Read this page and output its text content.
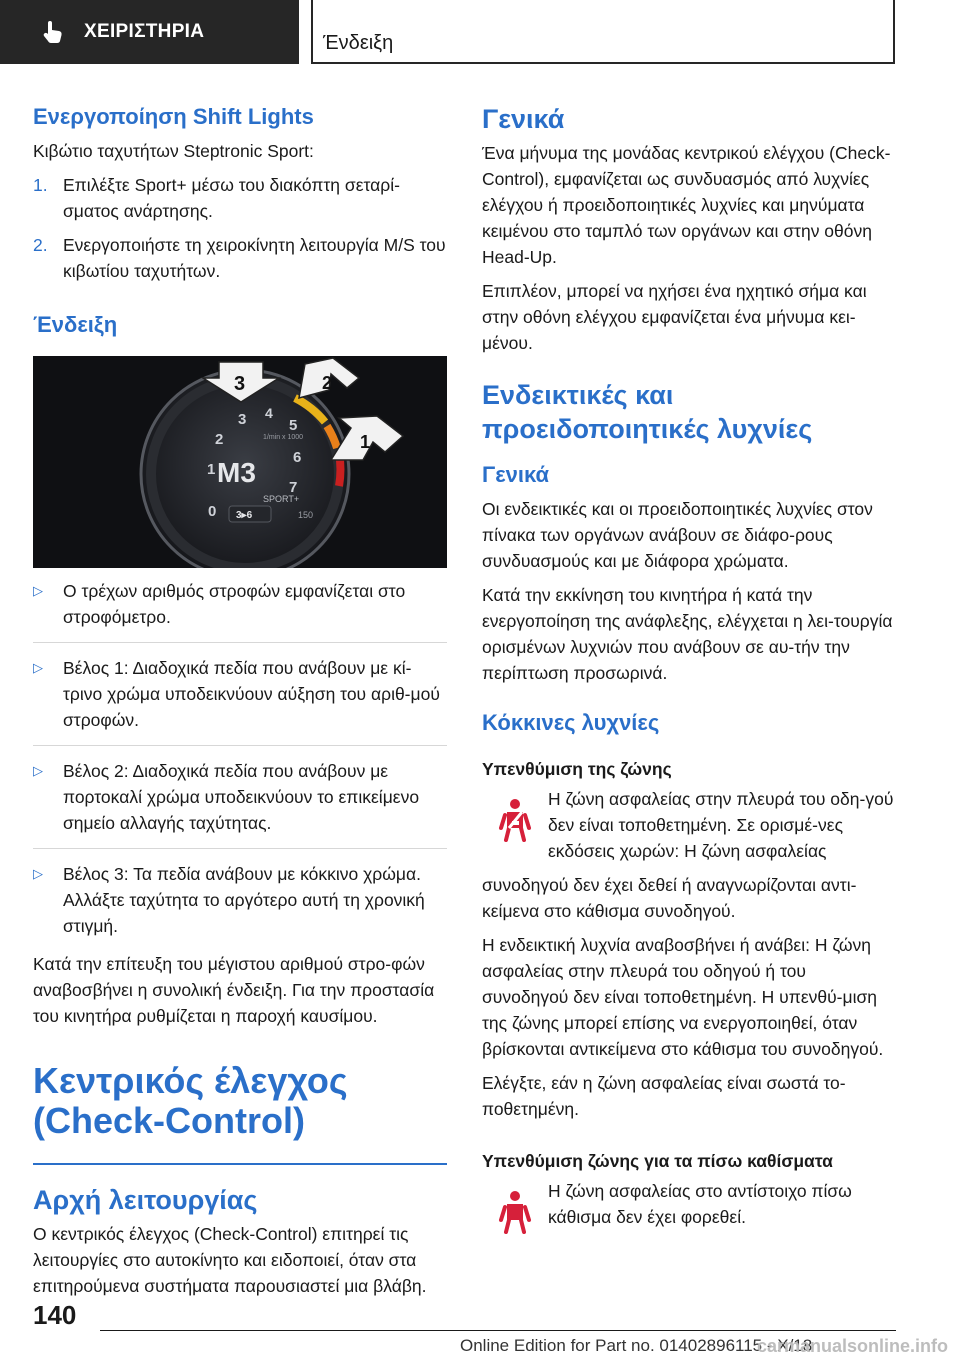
ΧΕΙΡΙΣΤΗΡΙΑ
Ένδειξη
Ενεργοποίηση Shift Lights

Κιβώτιο ταχυτήτων Steptronic Sport:

1. Επιλέξτε Sport+ μέσω του διακόπτη σεταρί-σματος ανάρτησης.
2. Ενεργοποιήστε τη χειροκίνητη λειτουργία M/S του κιβωτίου ταχυτήτων.
Ένδειξη
0
1
2
3 4
5
6
7
1/min x 1000
M3
SPORT+
3▸6	150
3	2
1
▷	Ο τρέχων αριθμός στροφών εμφανίζεται στο στροφόμετρο.
▷	Βέλος 1: Διαδοχικά πεδία που ανάβουν με κί-τρινο χρώμα υποδεικνύουν αύξηση του αριθ-μού στροφών.
▷	Βέλος 2: Διαδοχικά πεδία που ανάβουν με πορτοκαλί χρώμα υποδεικνύουν το επικείμενο σημείο αλλαγής ταχύτητας.
▷	Βέλος 3: Τα πεδία ανάβουν με κόκκινο χρώμα. Αλλάξτε ταχύτητα το αργότερο αυτή τη χρονική στιγμή.

Κατά την επίτευξη του μέγιστου αριθμού στρο-φών αναβοσβήνει η συνολική ένδειξη. Για την προστασία του κινητήρα ρυθμίζεται η παροχή καυσίμου.

Κεντρικός έλεγχος (Check-Control)
Αρχή λειτουργίας

Ο κεντρικός έλεγχος (Check-Control) επιτηρεί τις λειτουργίες στο αυτοκίνητο και ειδοποιεί, όταν στα επιτηρούμενα συστήματα παρουσιαστεί μια βλάβη.

Γενικά

Ένα μήνυμα της μονάδας κεντρικού ελέγχου (Check-Control), εμφανίζεται ως συνδυασμός από λυχνίες ελέγχου ή προειδοποιητικές λυχνίες και μηνύματα κειμένου στο ταμπλό των οργάνων και στην οθόνη Head-Up.

Επιπλέον, μπορεί να ηχήσει ένα ηχητικό σήμα και στην οθόνη ελέγχου εμφανίζεται ένα μήνυμα κει-μένου.

Ενδεικτικές και προειδοποιητικές λυχνίες
Γενικά

Οι ενδεικτικές και οι προειδοποιητικές λυχνίες στον πίνακα των οργάνων ανάβουν σε διάφο-ρους συνδυασμούς και με διάφορα χρώματα.

Κατά την εκκίνηση του κινητήρα ή κατά την ενεργοποίηση της ανάφλεξης, ελέγχεται η λει-τουργία ορισμένων λυχνιών που ανάβουν σε αυ-τήν την περίπτωση προσωρινά.

Κόκκινες λυχνίες
Υπενθύμιση της ζώνης

Η ζώνη ασφαλείας στην πλευρά του οδη-γού δεν είναι τοποθετημένη. Σε ορισμέ-νες εκδόσεις χωρών: Η ζώνη ασφαλείας

συνοδηγού δεν έχει δεθεί ή αναγνωρίζονται αντι-κείμενα στο κάθισμα συνοδηγού.

Η ενδεικτική λυχνία αναβοσβήνει ή ανάβει: Η ζώνη ασφαλείας στην πλευρά του οδηγού ή του συνοδηγού δεν είναι τοποθετημένη. Η υπενθύ-μιση της ζώνης μπορεί επίσης να ενεργοποιηθεί, όταν βρίσκονται αντικείμενα στο κάθισμα του συνοδηγού.

Ελέγξτε, εάν η ζώνη ασφαλείας είναι σωστά το-ποθετημένη.

Υπενθύμιση ζώνης για τα πίσω καθίσματα

Η ζώνη ασφαλείας στο αντίστοιχο πίσω κάθισμα δεν έχει φορεθεί.

140
Online Edition for Part no. 01402896115 - X/18
carmanualsonline.info
